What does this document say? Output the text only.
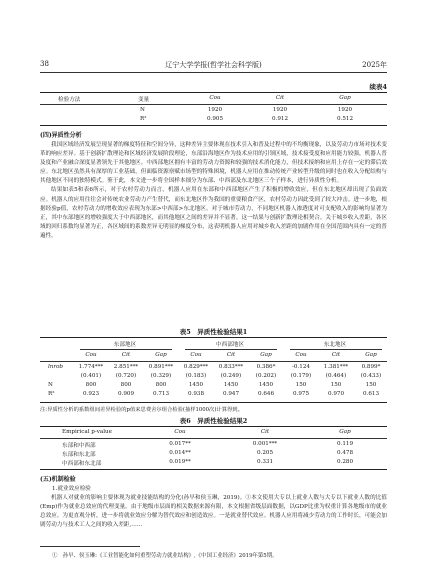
38	辽宁大学学报(哲学社会科学版)	2025年
续表4
检验方法	变量	Cou	Cit	Gap
N	1920	1920	1920
R²	0.905	0.912	0.512
(四)异质性分析

我国区域经济发展呈现显著的梯度特征和空间分异，这种差异主要体现在技术引入和普及过程中的不均衡现象，以及劳动力市场对技术变革的响应差异。基于创新扩散理论和区域经济发展阶段理论，东部沿海地区作为技术应用的引领区域，技术接受度和应用能力较强，机器人普及度和产业融合深度显著领先于其他地区。中西部地区拥有丰富的劳动力资源和较强的技术消化能力，但技术接纳和应用上存在一定的滞后效应。东北地区虽然具有深厚的工业基础，但面临资源禀赋市场型的特殊困境，机器人应用在推动传统产业转型升级的同时也在收入分配结构与其他地区不同的独特模式。鉴于此，本文进一步将全国样本细分为东部、中西部及东北地区三个子样本，进行异质性分析。

结果如表5和表6所示，对于农村劳动力而言，机器人应用在东部和中西部地区产生了积极的增收效应，但在东北地区却出现了负面效应。机器人的应用往往会对传统农业劳动力产生替代，而东北地区作为我国的重要粮食产区，农村劳动力因此受到了较大冲击。进一步地，根据经验p值，农村劳动力的增收效应表现为东部>中西部>东北地区。对于城市劳动力，不同地区机器人渗透度对可支配收入的影响均显著为正，其中东部地区的增收强度大于中西部地区，而其他地区之间的差异并不显著。这一结果与创新扩散理论相契合。关于城乡收入差距，各区域的回归系数均显著为正，各区域间的系数差异无明显的梯度分布，这表明机器人应用对城乡收入差距的加剧作用在全国范围内具有一定的普遍性。

表5　异质性检验结果1
东部地区	中西部地区	东北地区
Cou	Cit	Gap	Cou	Cit	Gap	Cou	Cit	Gap
lnrob	1.774***	2.851***	0.891***	0.829***	0.833***	0.386*	-0.124	1.381***	0.899*
(0.401)	(0.720)	(0.329)	(0.183)	(0.249)	(0.202)	(0.179)	(0.464)	(0.433)
N	800	800	800	1450	1450	1450	150	150	150
R²	0.923	0.909	0.713	0.938	0.947	0.646	0.975	0.970	0.613
注:异质性分析的系数组间差异检验的p值来思费舍尔组合检验(抽样1000次)计算得到。
表6　异质性检验结果2
Empirical p-value	Cou	Cit	Gap
东部和中西部	0.017**	0.001***	0.119
东部和东北部	0.014**	0.205	0.478
中西部和东北部	0.019**	0.331	0.280
(五)机制检验
1.就业效应检验

机器人对就业的影响主要体现为就业技能结构的分化(孙早和侯玉琳，2019)。①本文使用大专以上就业人数与大专以下就业人数的比值(Emp)作为就业总效应的代理变量。由于地级市层面的相关数据来源有限，本文根据省级层面数据，以GDP比重为权重计算各地级市的就业总效应。为更直观分析，进一步将就业效应分解为替代效应和创造效应。一是就业替代效应。机器人应用将减少劳动力的工作时长，可能会加剧劳动力与技术工人之间的收入差距,……

①　孙早、侯玉琳:《工业智能化如何重塑劳动力就业结构》,《中国工业经济》2019年第5期。
